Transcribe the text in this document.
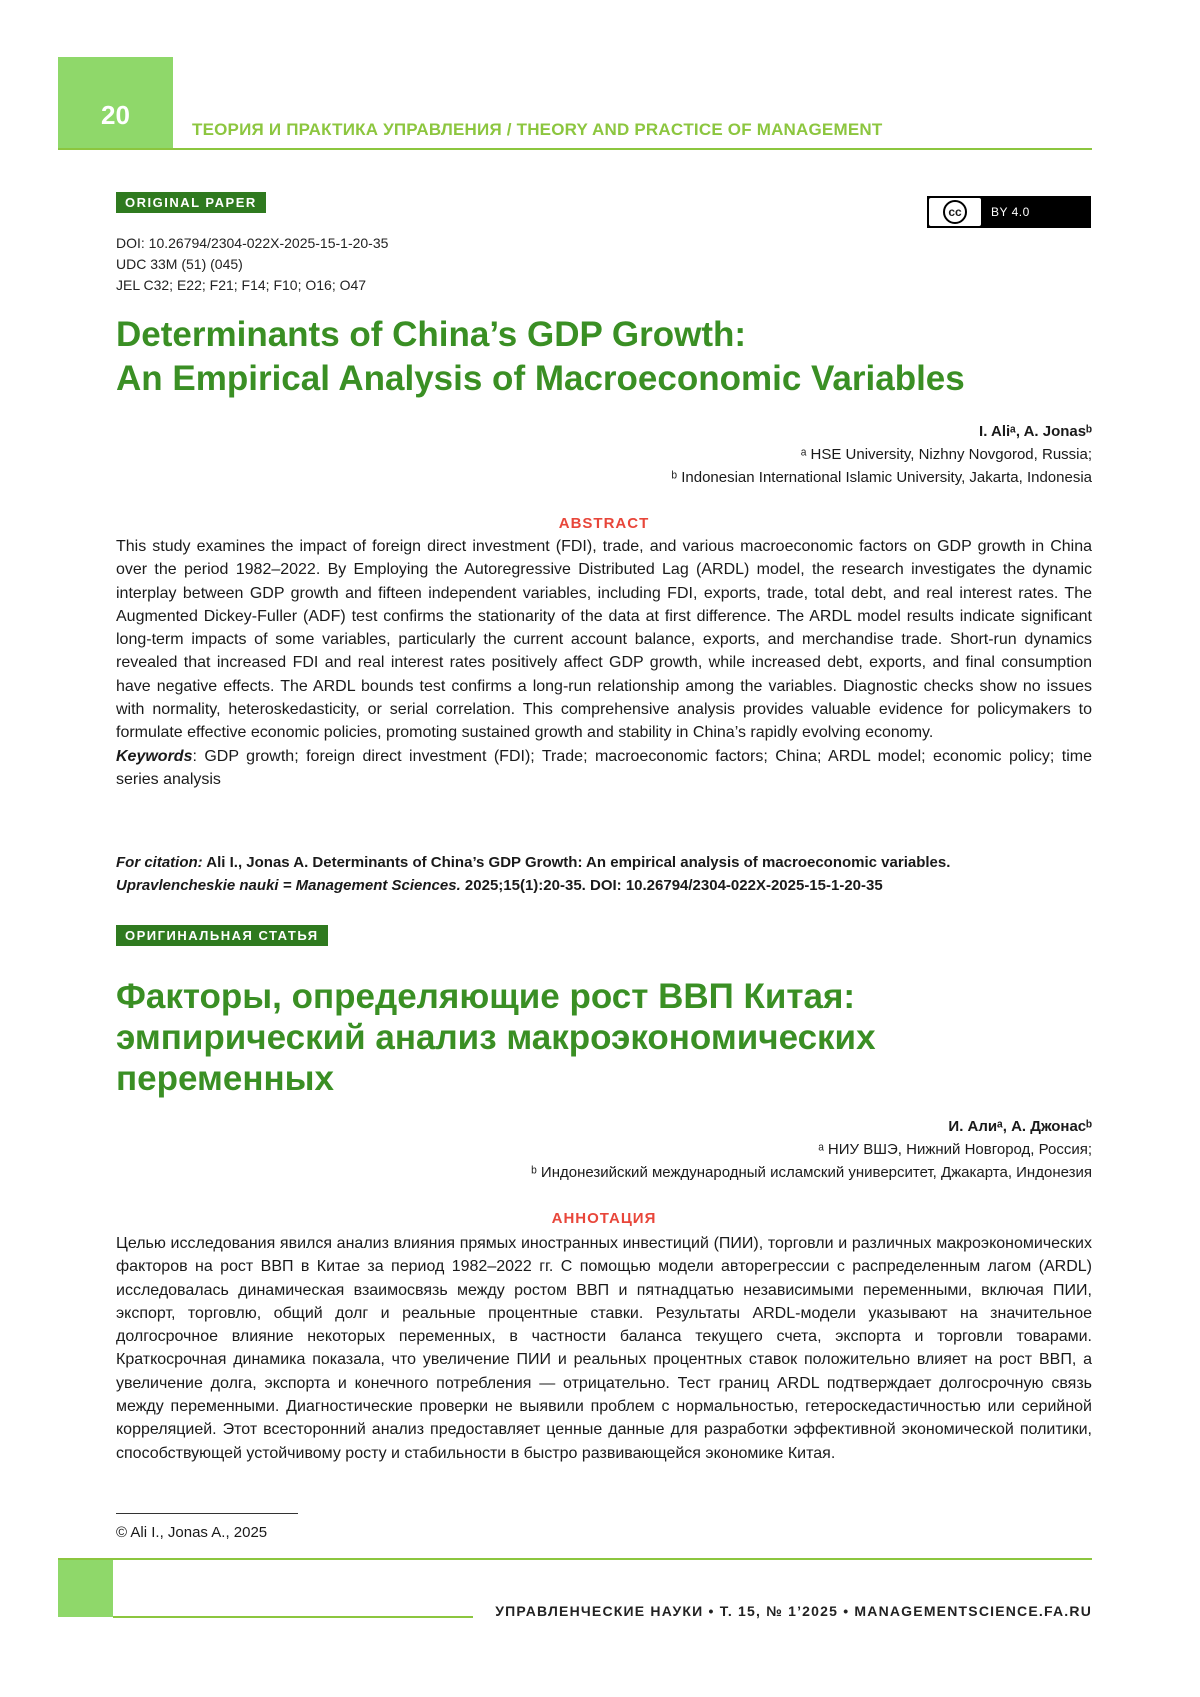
20	ТЕОРИЯ И ПРАКТИКА УПРАВЛЕНИЯ / THEORY AND PRACTICE OF MANAGEMENT
ORIGINAL PAPER
cc	BY 4.0
DOI: 10.26794/2304-022X-2025-15-1-20-35
UDC 33M (51) (045)
JEL C32; E22; F21; F14; F10; O16; O47
Determinants of China’s GDP Growth:
An Empirical Analysis of Macroeconomic Variables
I. Aliᵃ, A. Jonasᵇ
ᵃ HSE University, Nizhny Novgorod, Russia;
ᵇ Indonesian International Islamic University, Jakarta, Indonesia
ABSTRACT
This study examines the impact of foreign direct investment (FDI), trade, and various macroeconomic factors on GDP growth in China over the period 1982–2022. By Employing the Autoregressive Distributed Lag (ARDL) model, the research investigates the dynamic interplay between GDP growth and fifteen independent variables, including FDI, exports, trade, total debt, and real interest rates. The Augmented Dickey-Fuller (ADF) test confirms the stationarity of the data at first difference. The ARDL model results indicate significant long-term impacts of some variables, particularly the current account balance, exports, and merchandise trade. Short-run dynamics revealed that increased FDI and real interest rates positively affect GDP growth, while increased debt, exports, and final consumption have negative effects. The ARDL bounds test confirms a long-run relationship among the variables. Diagnostic checks show no issues with normality, heteroskedasticity, or serial correlation. This comprehensive analysis provides valuable evidence for policymakers to formulate effective economic policies, promoting sustained growth and stability in China’s rapidly evolving economy.
Keywords: GDP growth; foreign direct investment (FDI); Trade; macroeconomic factors; China; ARDL model; economic policy; time series analysis
For citation: Ali I., Jonas A. Determinants of China’s GDP Growth: An empirical analysis of macroeconomic variables.
Upravlencheskie nauki = Management Sciences. 2025;15(1):20-35. DOI: 10.26794/2304-022X-2025-15-1-20-35
ОРИГИНАЛЬНАЯ СТАТЬЯ
Факторы, определяющие рост ВВП Китая:
эмпирический анализ макроэкономических
переменных
И. Алиᵃ, А. Джонасᵇ
ᵃ НИУ ВШЭ, Нижний Новгород, Россия;
ᵇ Индонезийский международный исламский университет, Джакарта, Индонезия
АННОТАЦИЯ
Целью исследования явился анализ влияния прямых иностранных инвестиций (ПИИ), торговли и различных макроэкономических факторов на рост ВВП в Китае за период 1982–2022 гг. С помощью модели авторегрессии с распределенным лагом (ARDL) исследовалась динамическая взаимосвязь между ростом ВВП и пятнадцатью независимыми переменными, включая ПИИ, экспорт, торговлю, общий долг и реальные процентные ставки. Результаты ARDL-модели указывают на значительное долгосрочное влияние некоторых переменных, в частности баланса текущего счета, экспорта и торговли товарами. Краткосрочная динамика показала, что увеличение ПИИ и реальных процентных ставок положительно влияет на рост ВВП, а увеличение долга, экспорта и конечного потребления — отрицательно. Тест границ ARDL подтверждает долгосрочную связь между переменными. Диагностические проверки не выявили проблем с нормальностью, гетероскедастичностью или серийной корреляцией. Этот всесторонний анализ предоставляет ценные данные для разработки эффективной экономической политики, способствующей устойчивому росту и стабильности в быстро развивающейся экономике Китая.
© Ali I., Jonas A., 2025
УПРАВЛЕНЧЕСКИЕ НАУКИ • Т. 15, № 1’2025 • MANAGEMENTSCIENCE.FA.RU
